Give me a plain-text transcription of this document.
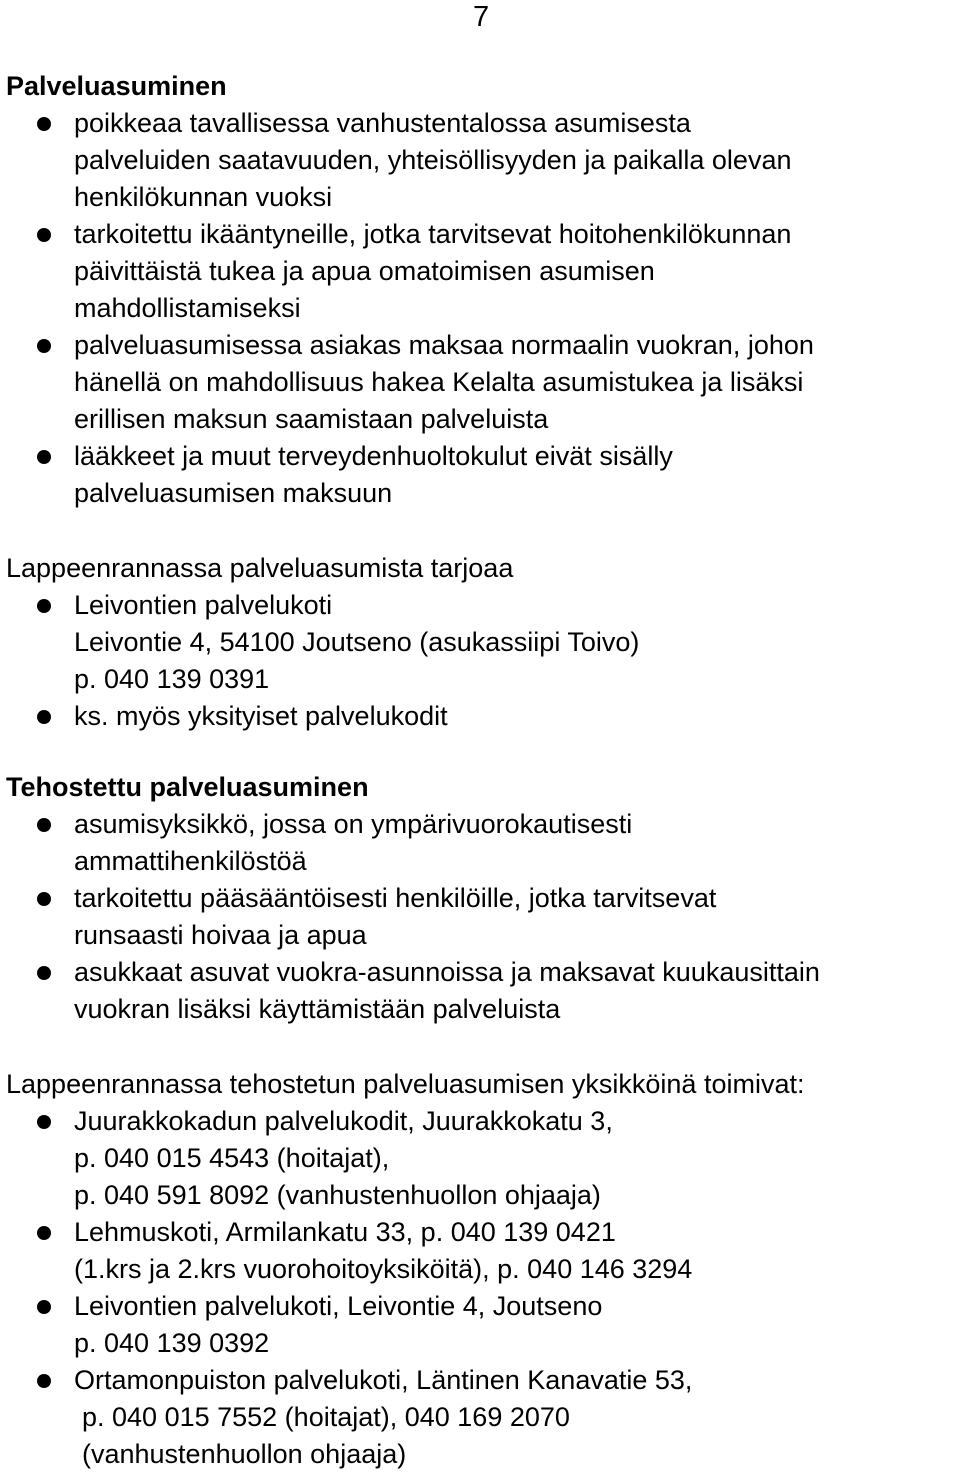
7
Palveluasuminen
poikkeaa tavallisessa vanhustentalossa asumisesta
palveluiden saatavuuden, yhteisöllisyyden ja paikalla olevan
henkilökunnan vuoksi
tarkoitettu ikääntyneille, jotka tarvitsevat hoitohenkilökunnan
päivittäistä tukea ja apua omatoimisen asumisen
mahdollistamiseksi
palveluasumisessa asiakas maksaa normaalin vuokran, johon
hänellä on mahdollisuus hakea Kelalta asumistukea ja lisäksi
erillisen maksun saamistaan palveluista
lääkkeet ja muut terveydenhuoltokulut eivät sisälly
palveluasumisen maksuun

Lappeenrannassa palveluasumista tarjoaa

Leivontien palvelukoti
Leivontie 4, 54100 Joutseno (asukassiipi Toivo)
p. 040 139 0391
ks. myös yksityiset palvelukodit
Tehostettu palveluasuminen
asumisyksikkö, jossa on ympärivuorokautisesti
ammattihenkilöstöä
tarkoitettu pääsääntöisesti henkilöille, jotka tarvitsevat
runsaasti hoivaa ja apua
asukkaat asuvat vuokra-asunnoissa ja maksavat kuukausittain
vuokran lisäksi käyttämistään palveluista

Lappeenrannassa tehostetun palveluasumisen yksikköinä toimivat:

Juurakkokadun palvelukodit, Juurakkokatu 3,
p. 040 015 4543 (hoitajat),
p. 040 591 8092 (vanhustenhuollon ohjaaja)
Lehmuskoti, Armilankatu 33, p. 040 139 0421
(1.krs ja 2.krs vuorohoitoyksiköitä), p. 040 146 3294
Leivontien palvelukoti, Leivontie 4, Joutseno
p. 040 139 0392
Ortamonpuiston palvelukoti, Läntinen Kanavatie 53,
p. 040 015 7552 (hoitajat), 040 169 2070
(vanhustenhuollon ohjaaja)
